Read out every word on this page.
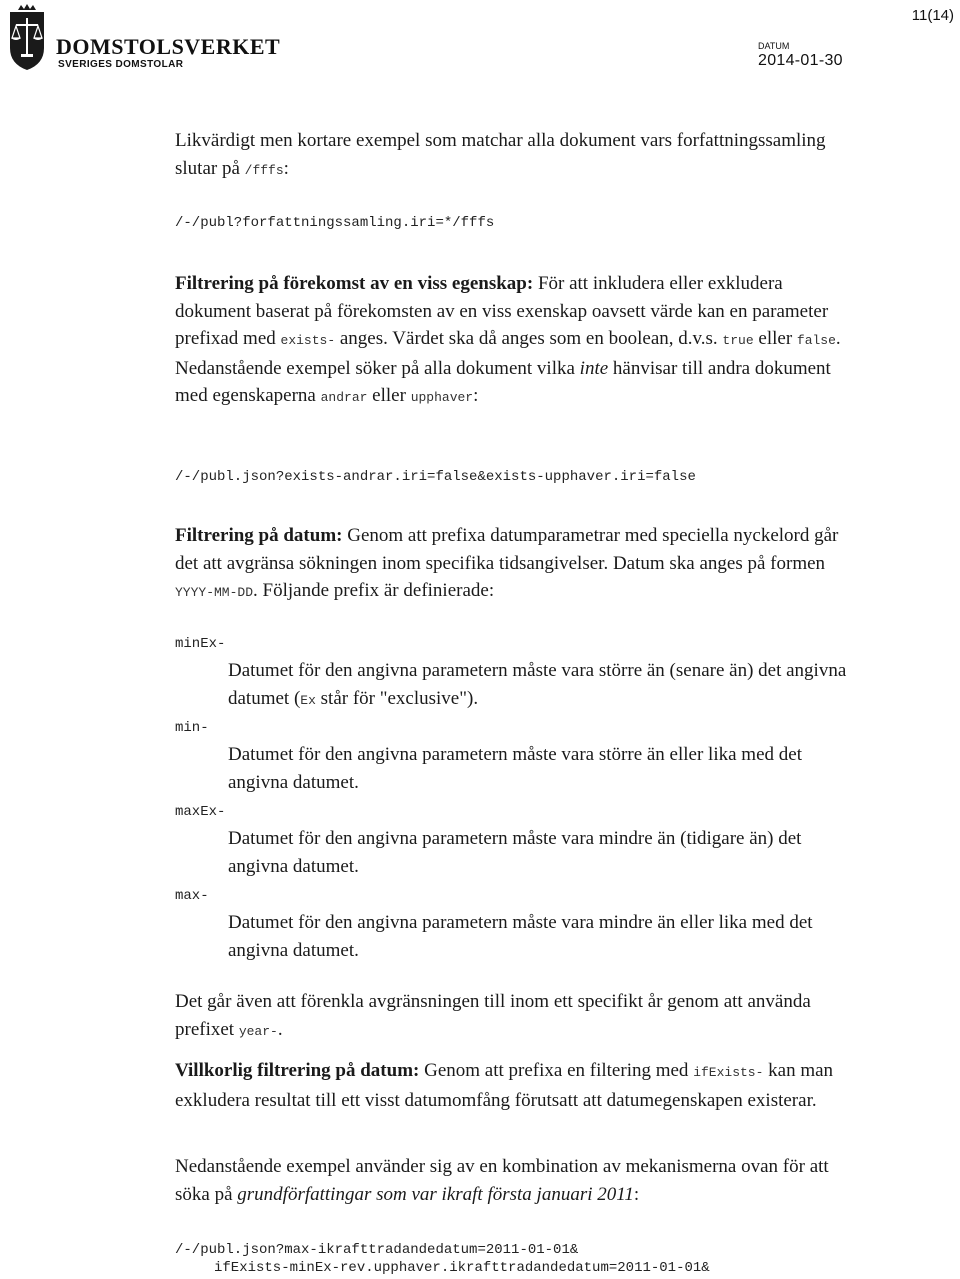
DOMSTOLSVERKET
SVERIGES DOMSTOLAR
11(14)
DATUM
2014-01-30
Likvärdigt men kortare exempel som matchar alla dokument vars forfattningssamling slutar på /fffs:
/-/publ?forfattningssamling.iri=*/fffs
Filtrering på förekomst av en viss egenskap: För att inkludera eller exkludera dokument baserat på förekomsten av en viss exenskap oavsett värde kan en parameter prefixad med exists- anges. Värdet ska då anges som en boolean, d.v.s. true eller false. Nedanstående exempel söker på alla dokument vilka inte hänvisar till andra dokument med egenskaperna andrar eller upphaver:
/-/publ.json?exists-andrar.iri=false&exists-upphaver.iri=false
Filtrering på datum: Genom att prefixa datumparametrar med speciella nyckelord går det att avgränsa sökningen inom specifika tidsangivelser. Datum ska anges på formen YYYY-MM-DD. Följande prefix är definierade:
minEx-
Datumet för den angivna parametern måste vara större än (senare än) det angivna datumet (Ex står för "exclusive").
min-
Datumet för den angivna parametern måste vara större än eller lika med det angivna datumet.
maxEx-
Datumet för den angivna parametern måste vara mindre än (tidigare än) det angivna datumet.
max-
Datumet för den angivna parametern måste vara mindre än eller lika med det angivna datumet.
Det går även att förenkla avgränsningen till inom ett specifikt år genom att använda prefixet year-.
Villkorlig filtrering på datum: Genom att prefixa en filtering med ifExists- kan man exkludera resultat till ett visst datumomfång förutsatt att datumegenskapen existerar.
Nedanstående exempel använder sig av en kombination av mekanismerna ovan för att söka på grundförfattingar som var ikraft första januari 2011:
/-/publ.json?max-ikrafttradandedatum=2011-01-01&
ifExists-minEx-rev.upphaver.ikrafttradandedatum=2011-01-01&
